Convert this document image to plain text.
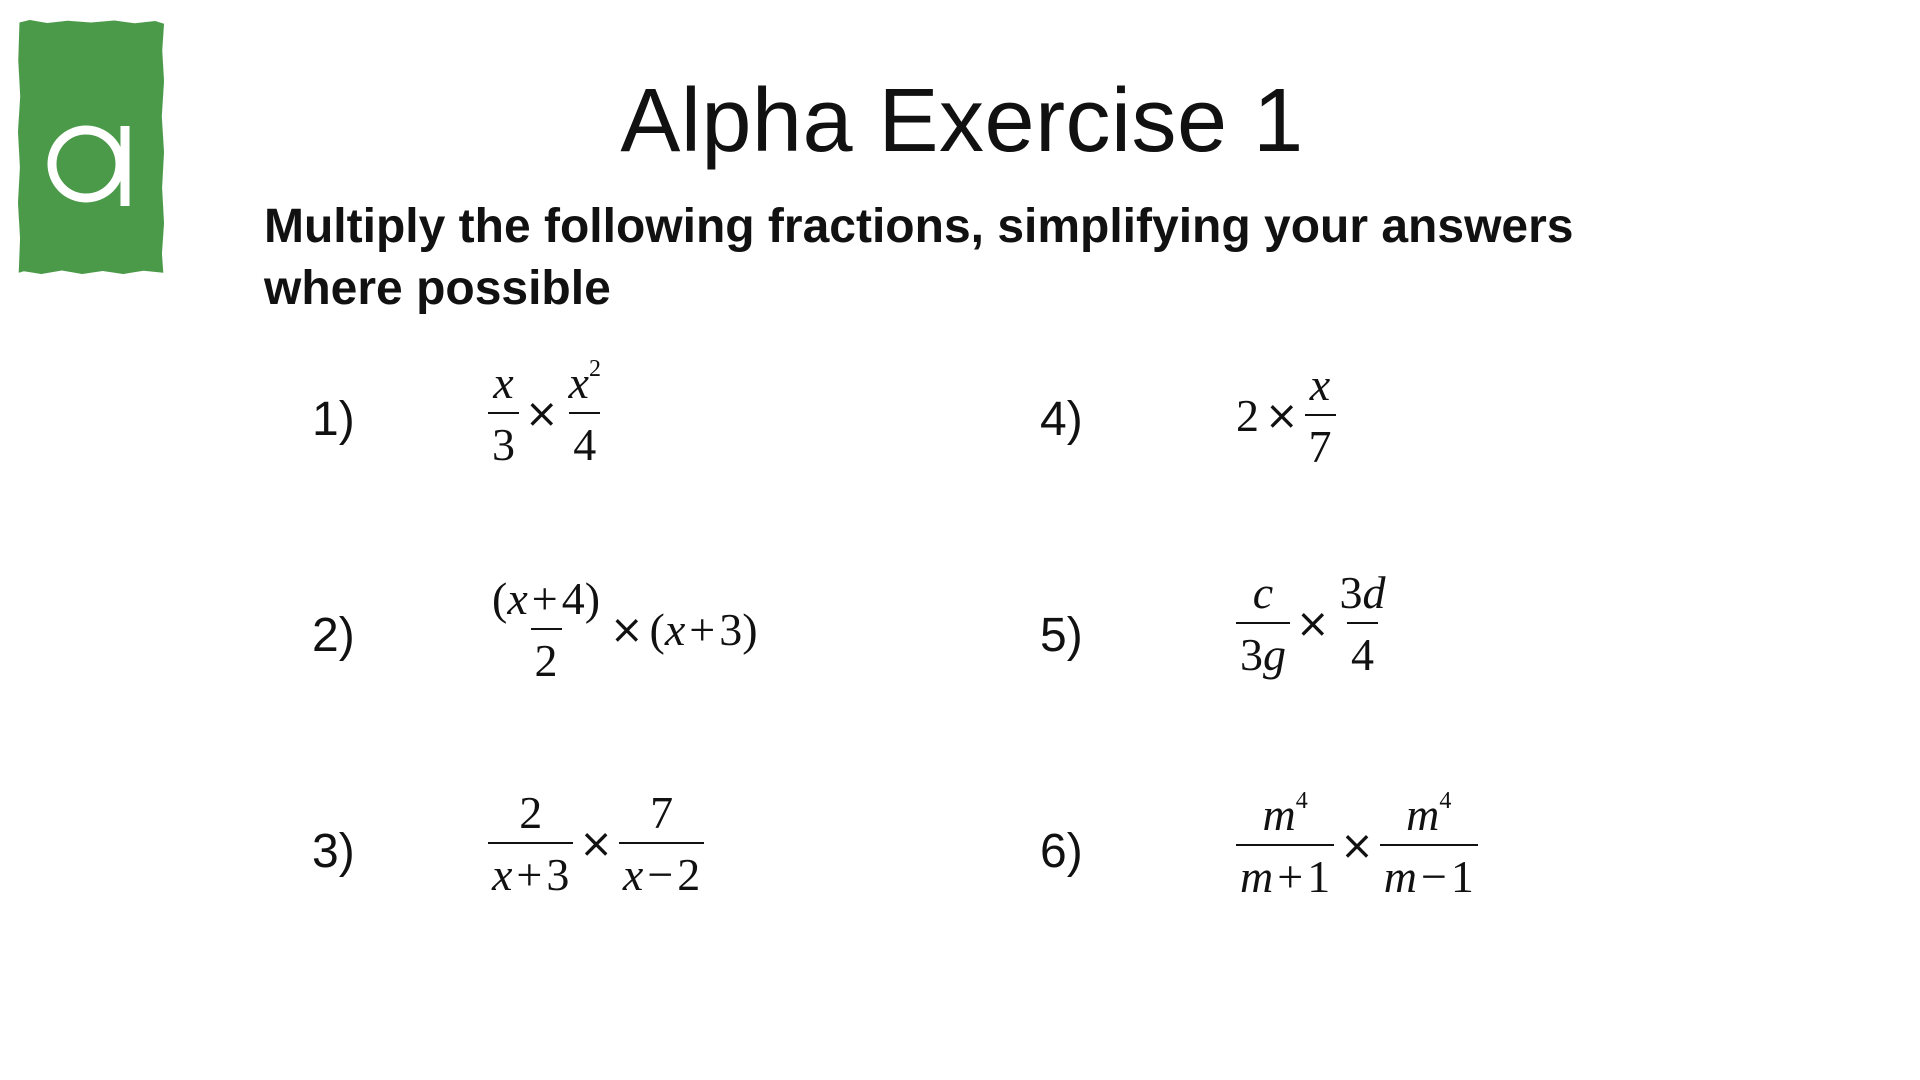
Alpha Exercise 1
Multiply the following fractions, simplifying your answers where possible
1)
2)
3)
4)
5)
6)
$\frac{x}{3} \times \frac{x^2}{4}$
$\frac{(x+4)}{2} \times (x+3)$
$\frac{2}{x+3} \times \frac{7}{x-2}$
$2 \times \frac{x}{7}$
$\frac{c}{3g} \times \frac{3d}{4}$
$\frac{m^4}{m+1} \times \frac{m^4}{m-1}$
